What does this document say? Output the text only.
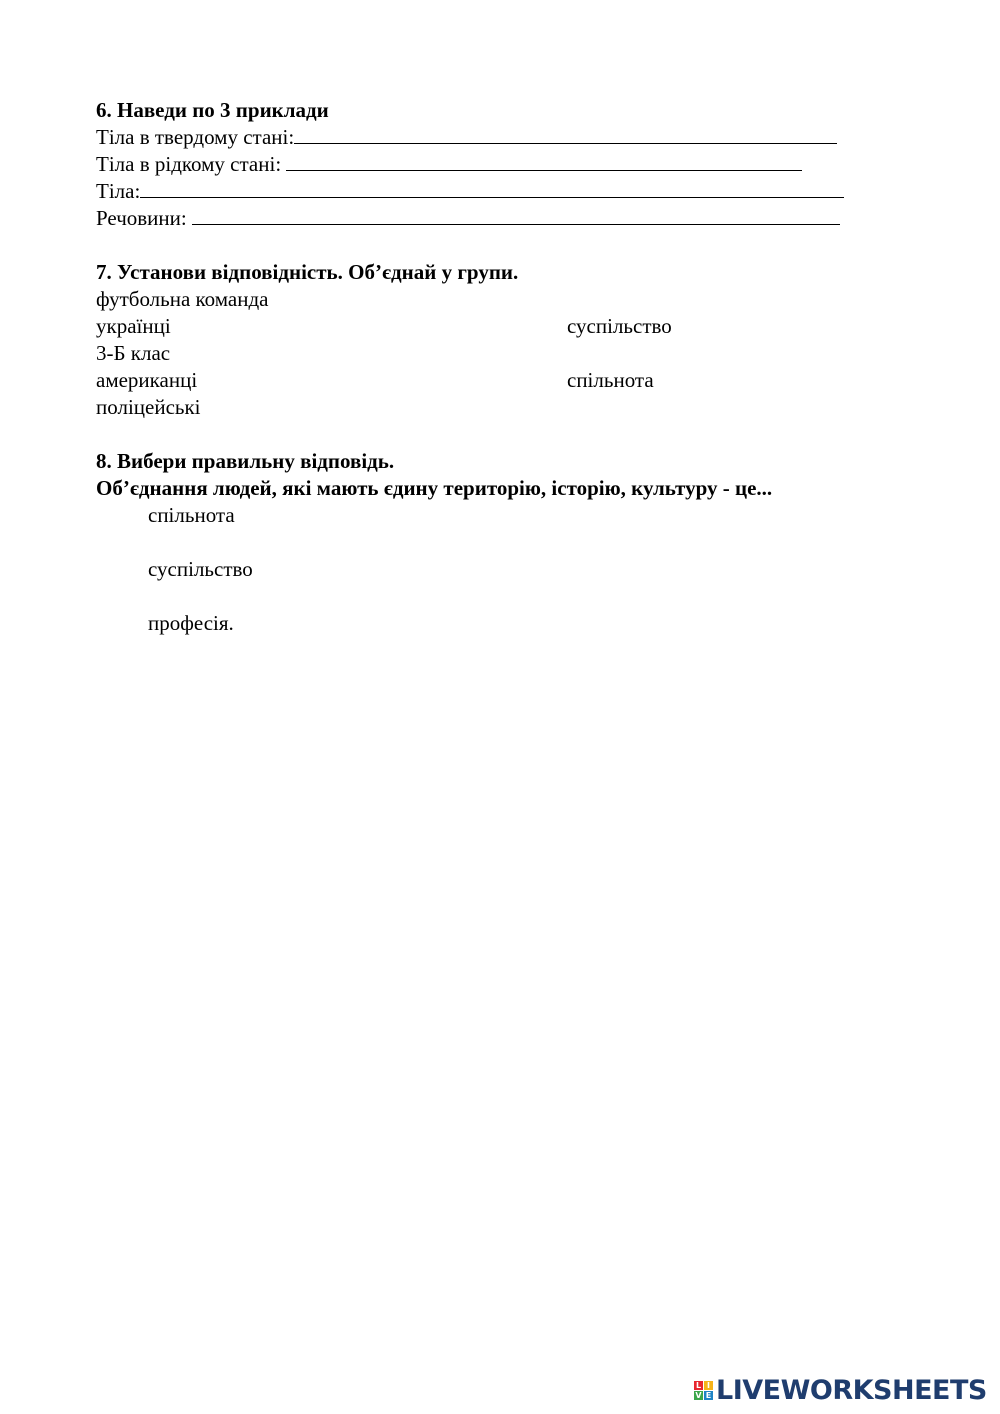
6. Наведи по 3 приклади
Тіла в твердому стані:
Тіла в рідкому стані:
Тіла:
Речовини:
7. Установи відповідність. Об’єднай у групи.
футбольна команда
українці
3-Б клас
американці
поліцейські
суспільство
спільнота
8. Вибери правильну відповідь.
Об’єднання людей, які мають єдину територію, історію, культуру - це...
спільнота
суспільство
професія.
L I
V E LIVEWORKSHEETS
